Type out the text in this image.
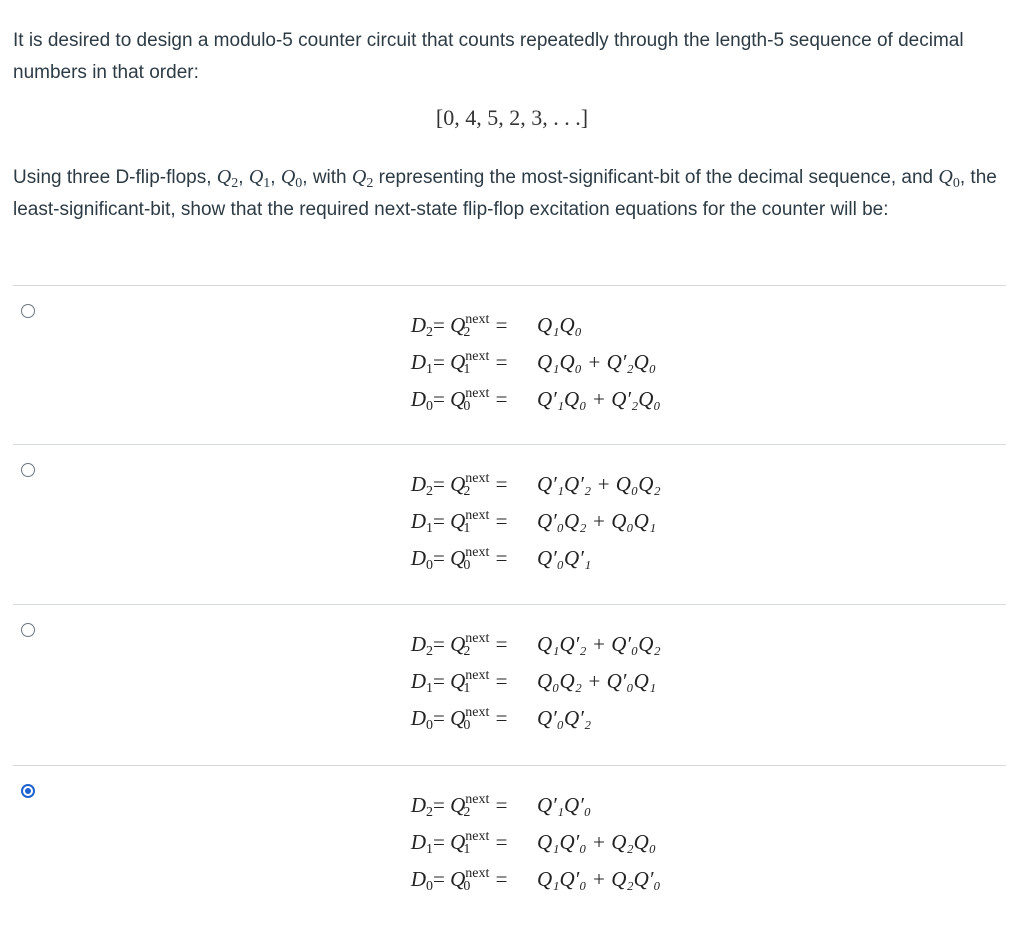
It is desired to design a modulo-5 counter circuit that counts repeatedly through the length-5 sequence of decimal numbers in that order:

[0, 4, 5, 2, 3, . . .]

Using three D-flip-flops, $Q_2$, $Q_1$, $Q_0$, with $Q_2$ representing the most-significant-bit of the decimal sequence, and $Q_0$, the least-significant-bit, show that the required next-state flip-flop excitation equations for the counter will be:

$D_2= Q^{next}_2 =Q_1Q_0$
$D_1= Q^{next}_1 =Q_1Q_0 + Q'_2Q_0$
$D_0= Q^{next}_0 =Q'_1Q_0 + Q'_2Q_0$
$D_2= Q^{next}_2 =Q'_1Q'_2 + Q_0Q_2$
$D_1= Q^{next}_1 =Q'_0Q_2 + Q_0Q_1$
$D_0= Q^{next}_0 =Q'_0Q'_1$
$D_2= Q^{next}_2 =Q_1Q'_2 + Q'_0Q_2$
$D_1= Q^{next}_1 =Q_0Q_2 + Q'_0Q_1$
$D_0= Q^{next}_0 =Q'_0Q'_2$
$D_2= Q^{next}_2 =Q'_1Q'_0$
$D_1= Q^{next}_1 =Q_1Q'_0 + Q_2Q_0$
$D_0= Q^{next}_0 =Q_1Q'_0 + Q_2Q'_0$
